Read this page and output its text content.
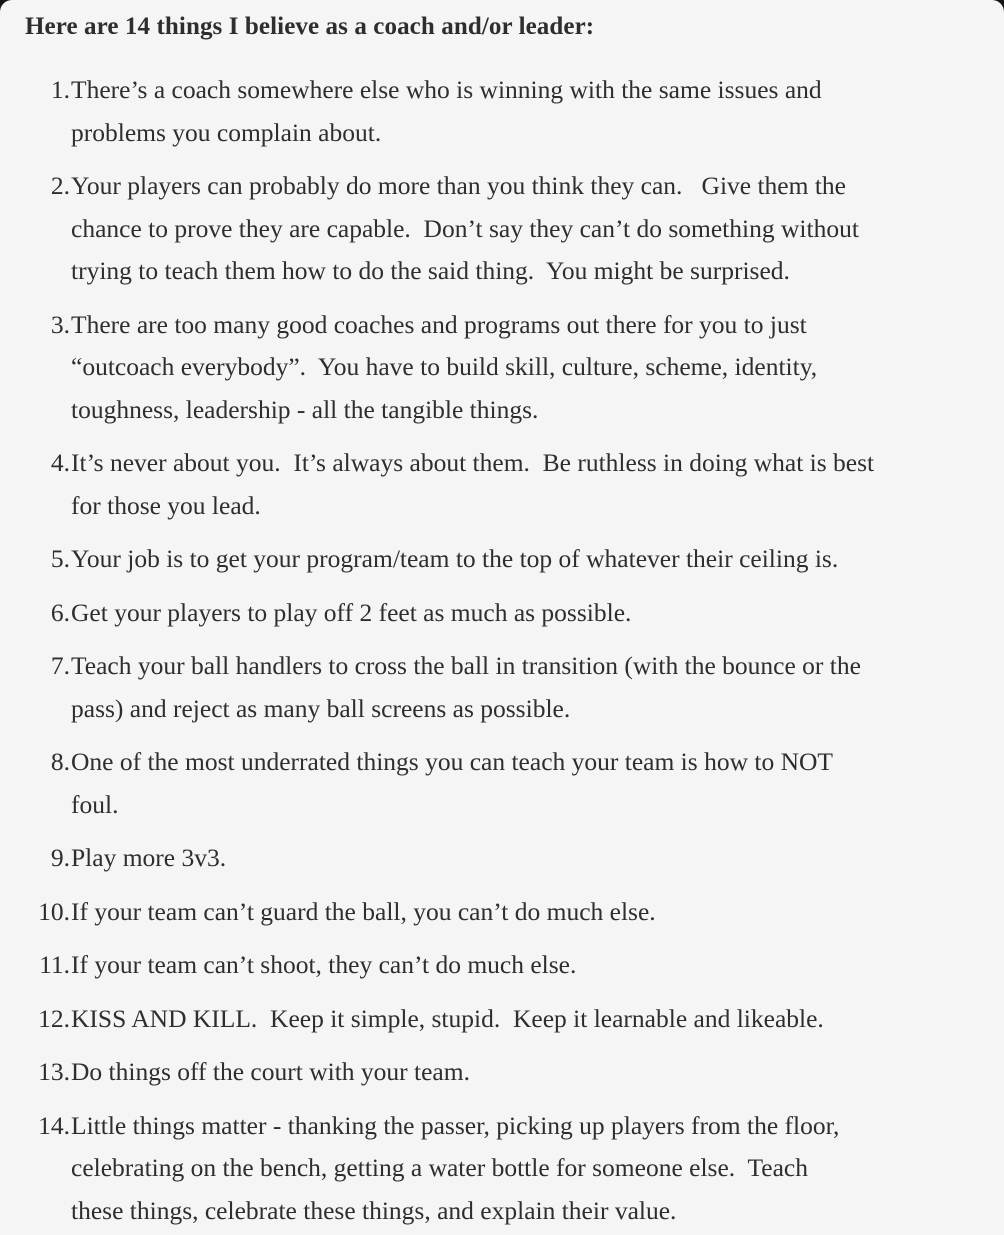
Here are 14 things I believe as a coach and/or leader:
1. There’s a coach somewhere else who is winning with the same issues and
problems you complain about.
2. Your players can probably do more than you think they can.   Give them the
chance to prove they are capable.  Don’t say they can’t do something without
trying to teach them how to do the said thing.  You might be surprised.
3. There are too many good coaches and programs out there for you to just
“outcoach everybody”.  You have to build skill, culture, scheme, identity,
toughness, leadership - all the tangible things.
4. It’s never about you.  It’s always about them.  Be ruthless in doing what is best
for those you lead.
5. Your job is to get your program/team to the top of whatever their ceiling is.
6. Get your players to play off 2 feet as much as possible.
7. Teach your ball handlers to cross the ball in transition (with the bounce or the
pass) and reject as many ball screens as possible.
8. One of the most underrated things you can teach your team is how to NOT
foul.
9. Play more 3v3.
10. If your team can’t guard the ball, you can’t do much else.
11. If your team can’t shoot, they can’t do much else.
12. KISS AND KILL.  Keep it simple, stupid.  Keep it learnable and likeable.
13. Do things off the court with your team.
14. Little things matter - thanking the passer, picking up players from the floor,
celebrating on the bench, getting a water bottle for someone else.  Teach
these things, celebrate these things, and explain their value.
